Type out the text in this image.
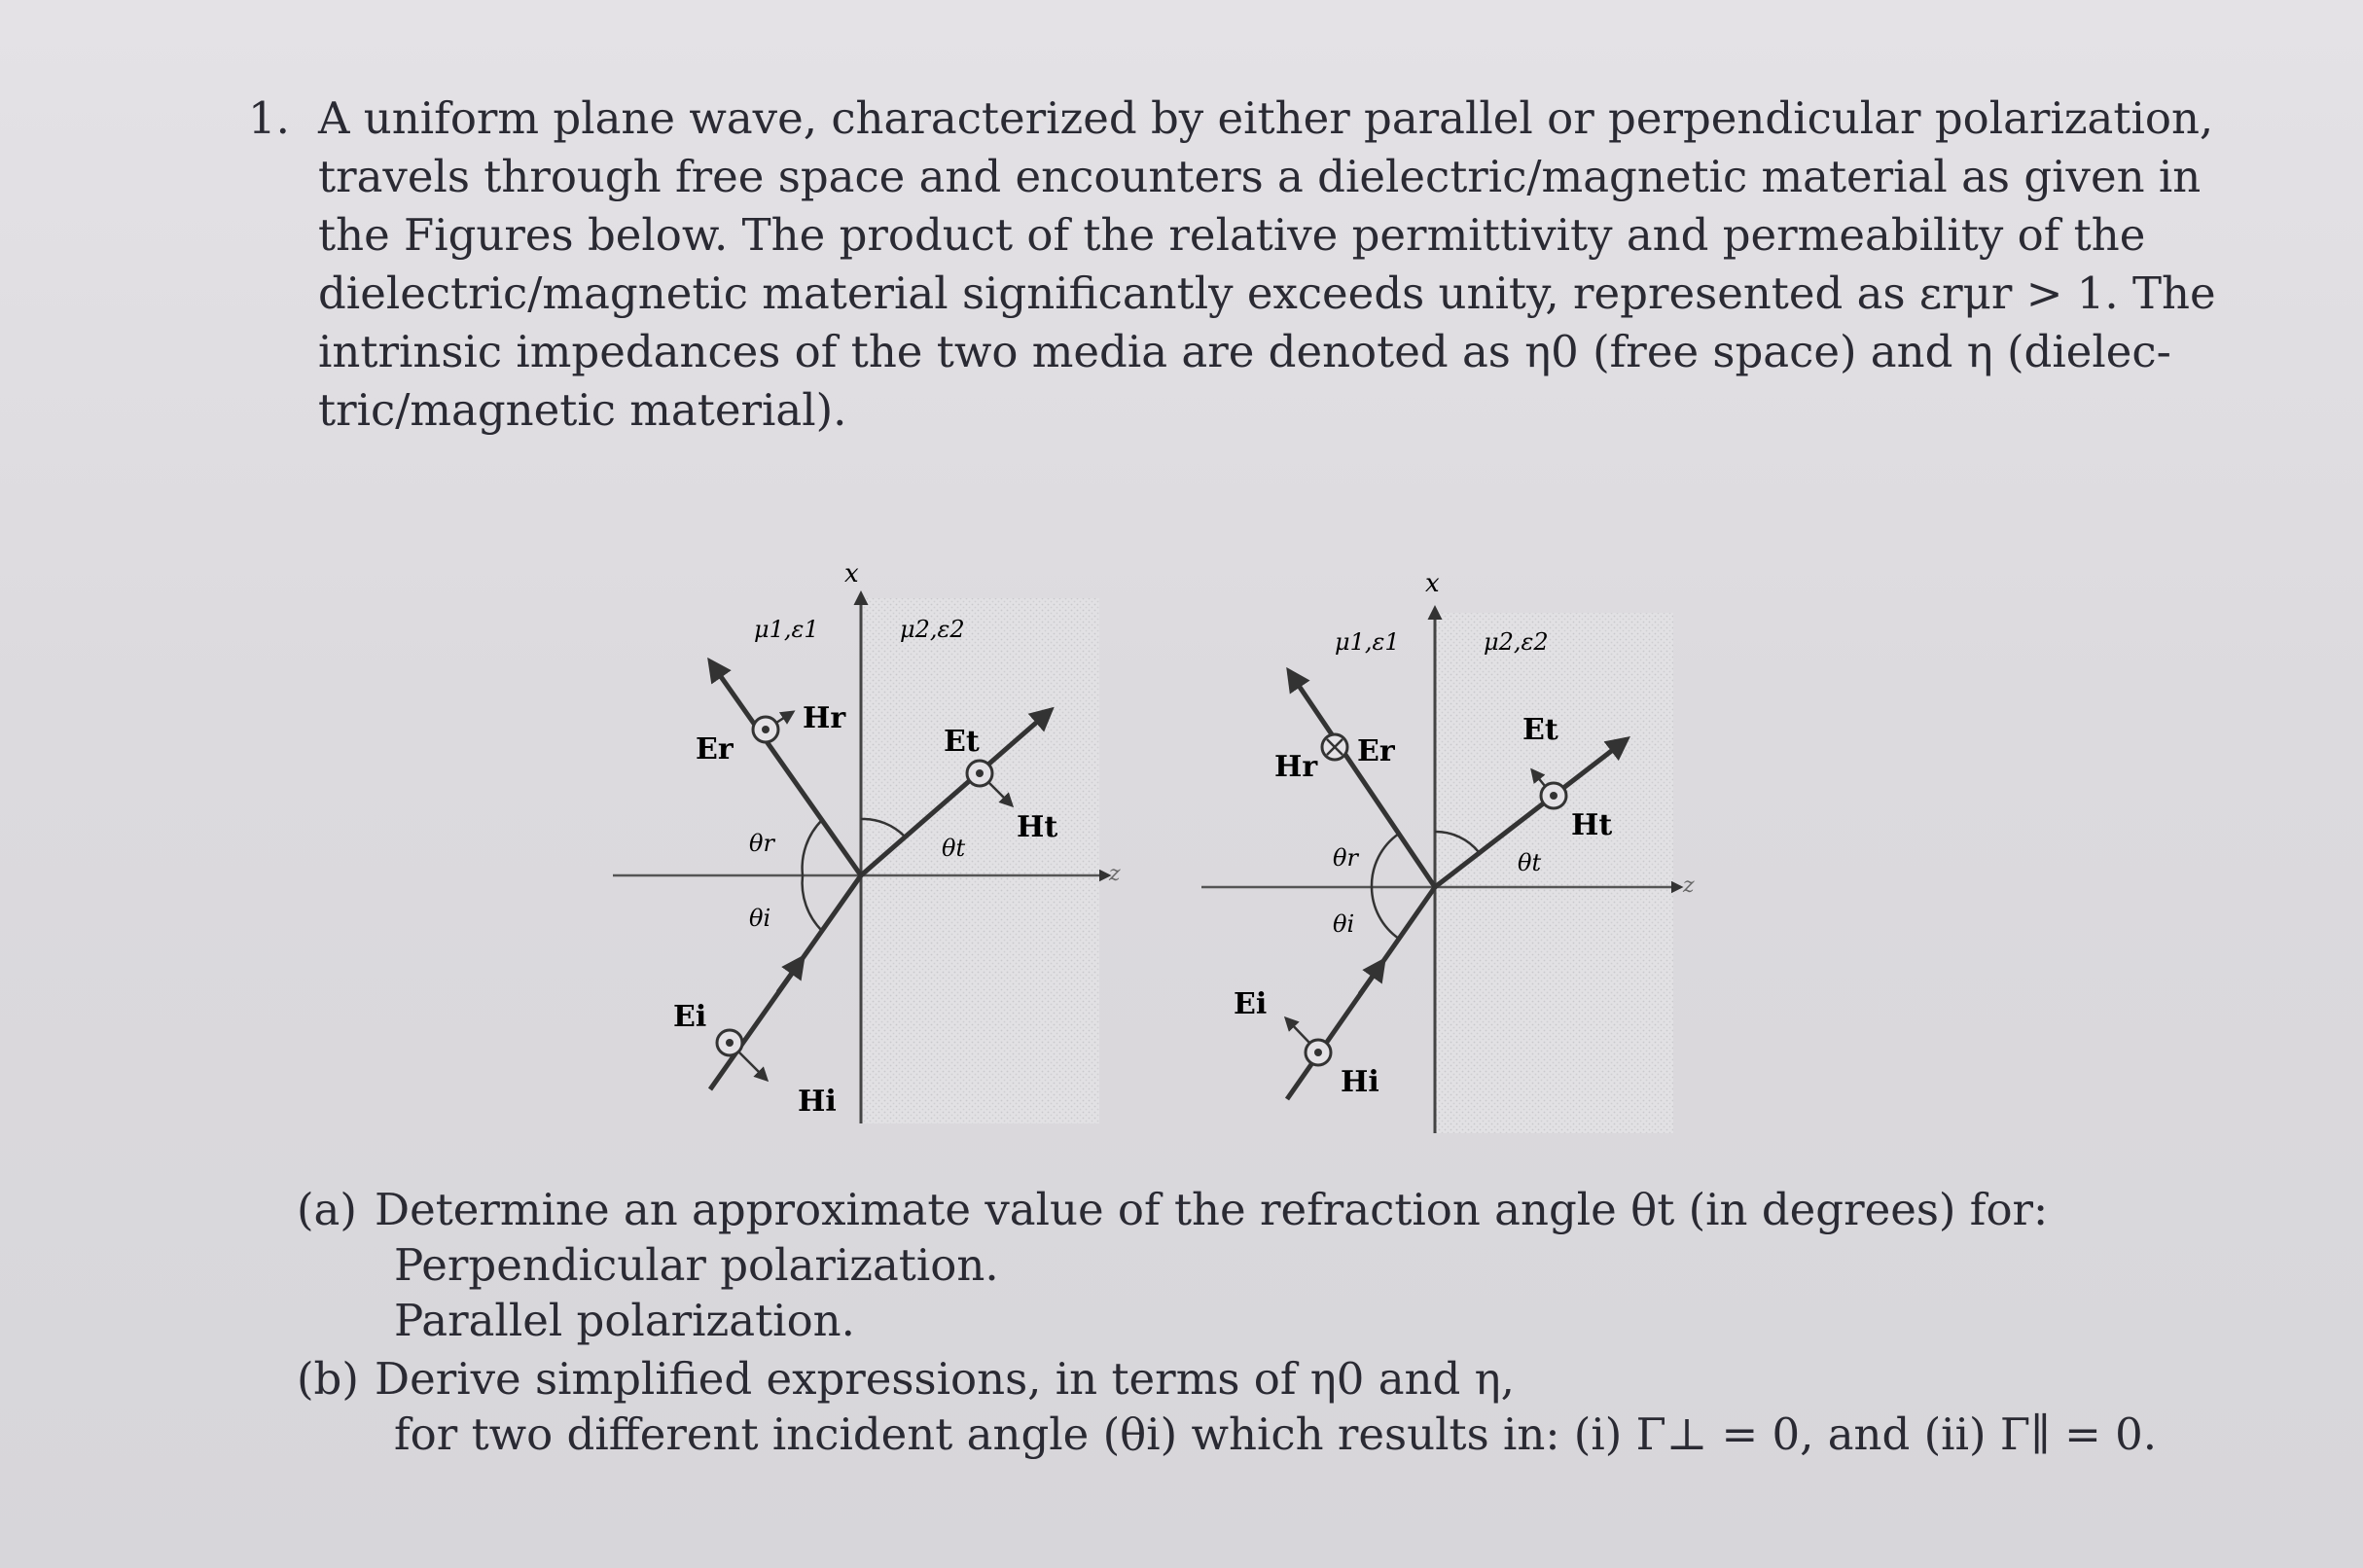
1. A uniform plane wave, characterized by either parallel or perpendicular polarization,
travels through free space and encounters a dielectric/magnetic material as given in
the Figures below. The product of the relative permittivity and permeability of the
dielectric/magnetic material significantly exceeds unity, represented as εrμr > 1. The
intrinsic impedances of the two media are denoted as η0 (free space) and η (dielec-
tric/magnetic material).
x
z
μ1,ε1	μ2,ε2
θr
θi
θt
Er
Hr
Et
Ht
Ei
Hi
x
z
μ1,ε1	μ2,ε2
θr
θi
θt
Hr Er
Et
Ht
Ei
Hi
(a) Determine an approximate value of the refraction angle θt (in degrees) for:
Perpendicular polarization.
Parallel polarization.
(b) Derive simplified expressions, in terms of η0 and η,
for two different incident angle (θi) which results in: (i) Γ⊥ = 0, and (ii) Γ∥ = 0.
